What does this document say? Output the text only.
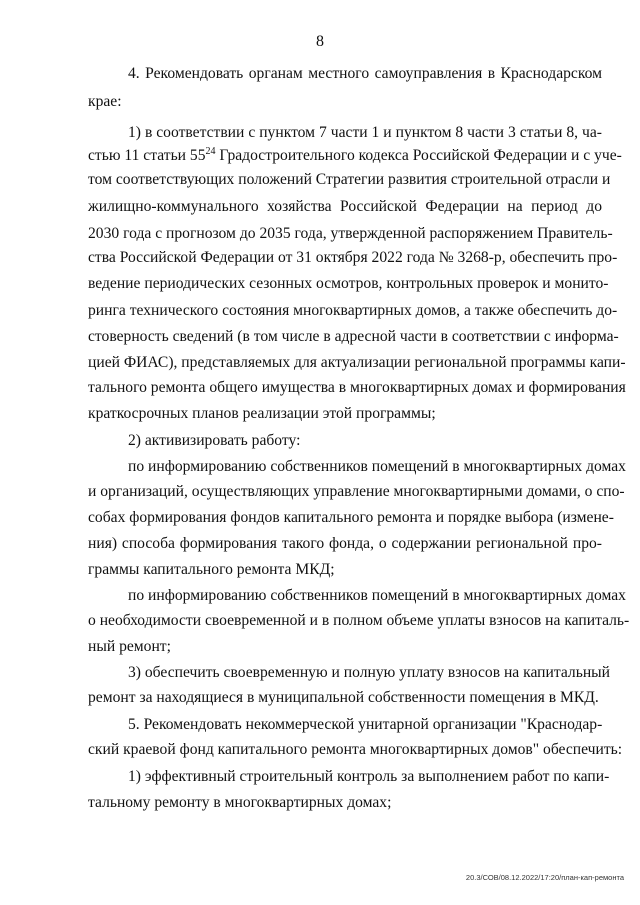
8
4. Рекомендовать органам местного самоуправления в Краснодарском
крае:
1) в соответствии с пунктом 7 части 1 и пунктом 8 части 3 статьи 8, ча-
стью 11 статьи $55^{24}$ Градостроительного кодекса Российской Федерации и с уче-
том соответствующих положений Стратегии развития строительной отрасли и
жилищно-коммунального хозяйства Российской Федерации на период до
2030 года с прогнозом до 2035 года, утвержденной распоряжением Правитель-
ства Российской Федерации от 31 октября 2022 года № 3268-р, обеспечить про-
ведение периодических сезонных осмотров, контрольных проверок и монито-
ринга технического состояния многоквартирных домов, а также обеспечить до-
стоверность сведений (в том числе в адресной части в соответствии с информа-
цией ФИАС), представляемых для актуализации региональной программы капи-
тального ремонта общего имущества в многоквартирных домах и формирования
краткосрочных планов реализации этой программы;
2) активизировать работу:
по информированию собственников помещений в многоквартирных домах
и организаций, осуществляющих управление многоквартирными домами, о спо-
собах формирования фондов капитального ремонта и порядке выбора (измене-
ния) способа формирования такого фонда, о содержании региональной про-
граммы капитального ремонта МКД;
по информированию собственников помещений в многоквартирных домах
о необходимости своевременной и в полном объеме уплаты взносов на капиталь-
ный ремонт;
3) обеспечить своевременную и полную уплату взносов на капитальный
ремонт за находящиеся в муниципальной собственности помещения в МКД.
5. Рекомендовать некоммерческой унитарной организации "Краснодар-
ский краевой фонд капитального ремонта многоквартирных домов" обеспечить:
1) эффективный строительный контроль за выполнением работ по капи-
тальному ремонту в многоквартирных домах;
20.3/СОВ/08.12.2022/17:20/план-кап-ремонта
